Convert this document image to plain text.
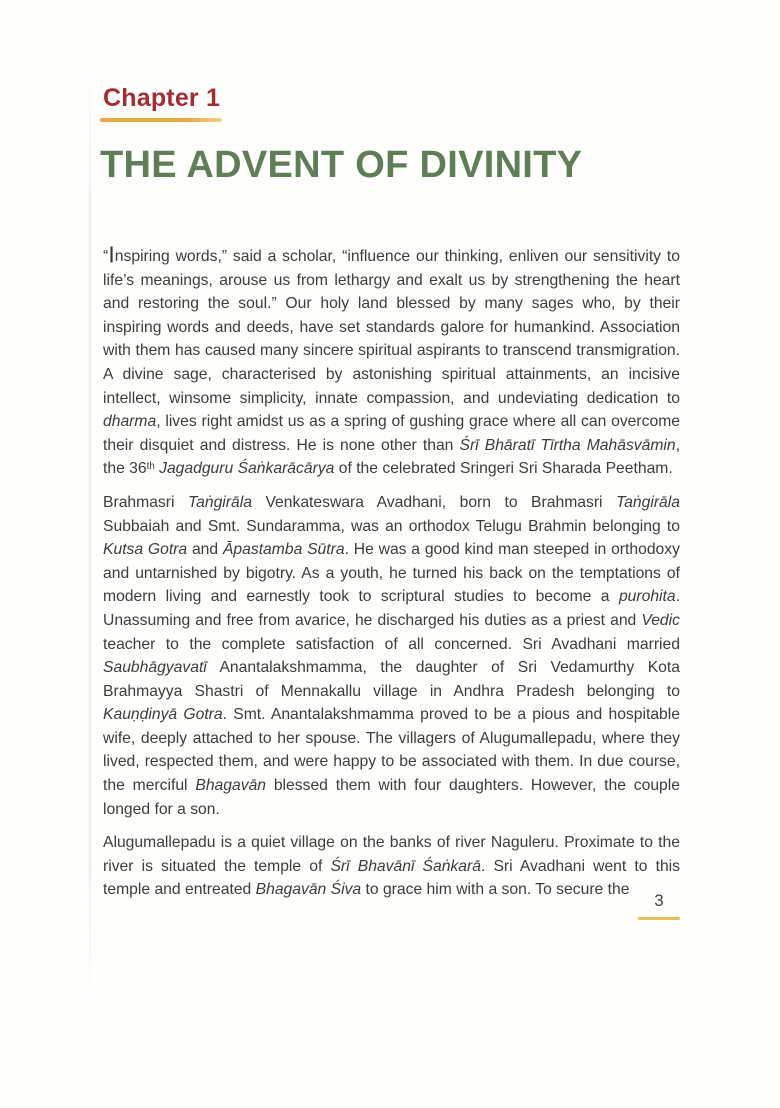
Chapter 1
THE ADVENT OF DIVINITY

“Inspiring words,” said a scholar, “influence our thinking, enliven our sensitivity to life’s meanings, arouse us from lethargy and exalt us by strengthening the heart and restoring the soul.” Our holy land blessed by many sages who, by their inspiring words and deeds, have set standards galore for humankind. Association with them has caused many sincere spiritual aspirants to transcend transmigration. A divine sage, characterised by astonishing spiritual attainments, an incisive intellect, winsome simplicity, innate compassion, and undeviating dedication to dharma, lives right amidst us as a spring of gushing grace where all can overcome their disquiet and distress. He is none other than Śrī Bhāratī Tīrtha Mahāsvāmin, the 36th Jagadguru Śaṅkarācārya of the celebrated Sringeri Sri Sharada Peetham.

Brahmasri Taṅgirāla Venkateswara Avadhani, born to Brahmasri Taṅgirāla Subbaiah and Smt. Sundaramma, was an orthodox Telugu Brahmin belonging to Kutsa Gotra and Āpastamba Sūtra. He was a good kind man steeped in orthodoxy and untarnished by bigotry. As a youth, he turned his back on the temptations of modern living and earnestly took to scriptural studies to become a purohita. Unassuming and free from avarice, he discharged his duties as a priest and Vedic teacher to the complete satisfaction of all concerned. Sri Avadhani married Saubhāgyavatī Anantalakshmamma, the daughter of Sri Vedamurthy Kota Brahmayya Shastri of Mennakallu village in Andhra Pradesh belonging to Kauṇḍinyā Gotra. Smt. Anantalakshmamma proved to be a pious and hospitable wife, deeply attached to her spouse. The villagers of Alugumallepadu, where they lived, respected them, and were happy to be associated with them. In due course, the merciful Bhagavān blessed them with four daughters. However, the couple longed for a son.

Alugumallepadu is a quiet village on the banks of river Naguleru. Proximate to the river is situated the temple of Śrī Bhavānī Śaṅkarā. Sri Avadhani went to this temple and entreated Bhagavān Śiva to grace him with a son. To secure the

3
